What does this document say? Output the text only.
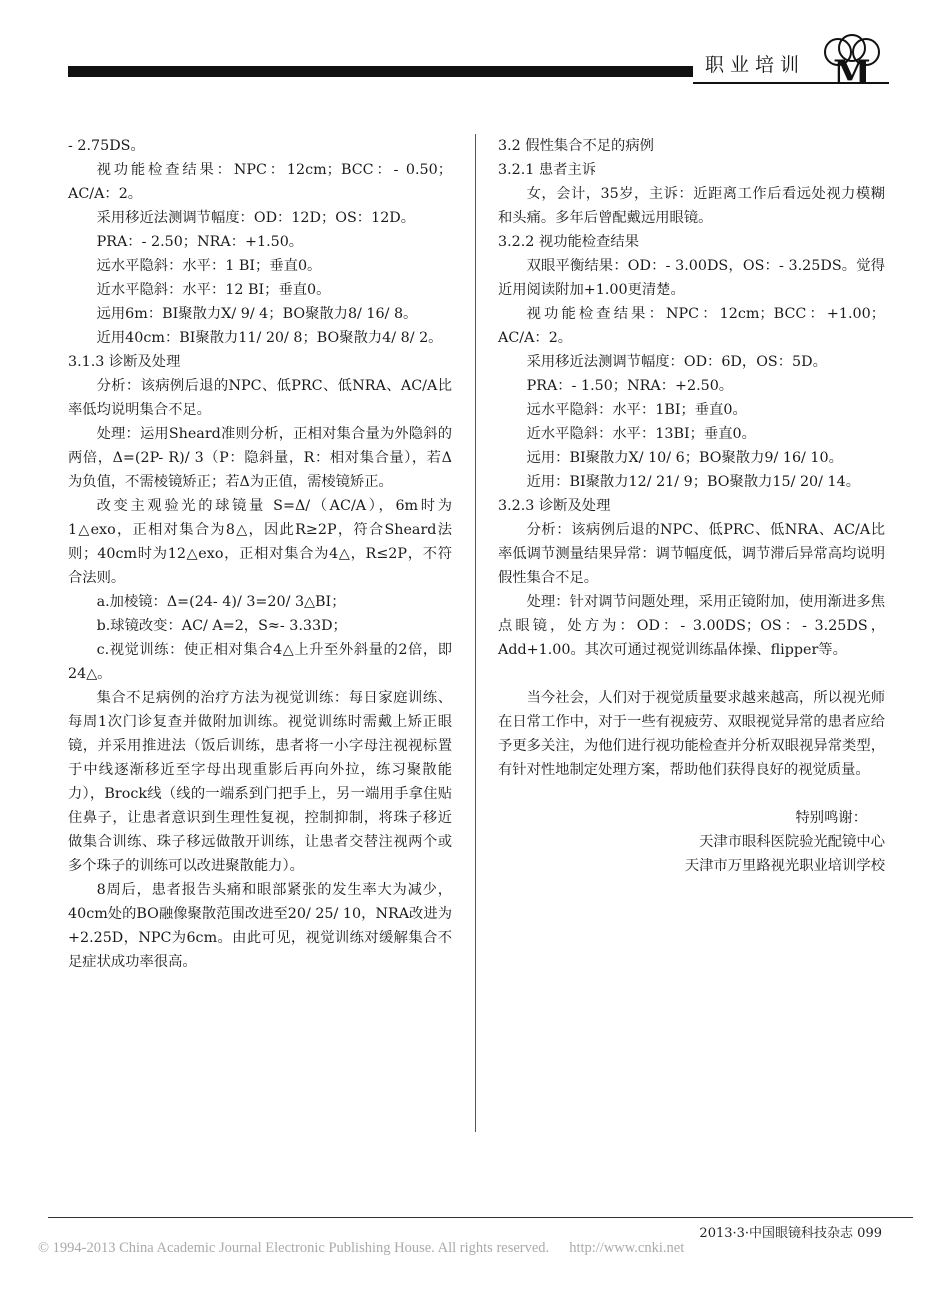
职业培训 M

- 2.75DS。

视功能检查结果：NPC：12cm；BCC：- 0.50；AC/A：2。

采用移近法测调节幅度：OD：12D；OS：12D。

PRA：- 2.50；NRA：+1.50。

远水平隐斜：水平：1 BI；垂直0。

近水平隐斜：水平：12 BI；垂直0。

远用6m：BI聚散力X/ 9/ 4；BO聚散力8/ 16/ 8。

近用40cm：BI聚散力11/ 20/ 8；BO聚散力4/ 8/ 2。

3.1.3 诊断及处理

分析：该病例后退的NPC、低PRC、低NRA、AC/A比率低均说明集合不足。

处理：运用Sheard准则分析，正相对集合量为外隐斜的两倍，Δ=(2P- R)/ 3（P：隐斜量，R：相对集合量），若Δ为负值，不需棱镜矫正；若Δ为正值，需棱镜矫正。

改变主观验光的球镜量 S=Δ/（AC/A），6m时为1△exo，正相对集合为8△，因此R≥2P，符合Sheard法则；40cm时为12△exo，正相对集合为4△，R≤2P，不符合法则。

a.加棱镜：Δ=(24- 4)/ 3=20/ 3△BI；

b.球镜改变：AC/ A=2，S≈- 3.33D；

c.视觉训练：使正相对集合4△上升至外斜量的2倍，即24△。

集合不足病例的治疗方法为视觉训练：每日家庭训练、每周1次门诊复查并做附加训练。视觉训练时需戴上矫正眼镜，并采用推进法（饭后训练，患者将一小字母注视视标置于中线逐渐移近至字母出现重影后再向外拉，练习聚散能力），Brock线（线的一端系到门把手上，另一端用手拿住贴住鼻子，让患者意识到生理性复视，控制抑制，将珠子移近做集合训练、珠子移远做散开训练，让患者交替注视两个或多个珠子的训练可以改进聚散能力）。

8周后，患者报告头痛和眼部紧张的发生率大为减少，40cm处的BO融像聚散范围改进至20/ 25/ 10，NRA改进为+2.25D，NPC为6cm。由此可见，视觉训练对缓解集合不足症状成功率很高。

3.2 假性集合不足的病例

3.2.1 患者主诉

女，会计，35岁，主诉：近距离工作后看远处视力模糊和头痛。多年后曾配戴远用眼镜。

3.2.2 视功能检查结果

双眼平衡结果：OD：- 3.00DS，OS：- 3.25DS。觉得近用阅读附加+1.00更清楚。

视功能检查结果：NPC：12cm；BCC：+1.00；AC/A：2。

采用移近法测调节幅度：OD：6D，OS：5D。

PRA：- 1.50；NRA：+2.50。

远水平隐斜：水平：1BI；垂直0。

近水平隐斜：水平：13BI；垂直0。

远用：BI聚散力X/ 10/ 6；BO聚散力9/ 16/ 10。

近用：BI聚散力12/ 21/ 9；BO聚散力15/ 20/ 14。

3.2.3 诊断及处理

分析：该病例后退的NPC、低PRC、低NRA、AC/A比率低调节测量结果异常：调节幅度低，调节滞后异常高均说明假性集合不足。

处理：针对调节问题处理，采用正镜附加，使用渐进多焦点眼镜，处方为：OD：- 3.00DS；OS：- 3.25DS，Add+1.00。其次可通过视觉训练晶体操、flipper等。

当今社会，人们对于视觉质量要求越来越高，所以视光师在日常工作中，对于一些有视疲劳、双眼视觉异常的患者应给予更多关注，为他们进行视功能检查并分析双眼视异常类型，有针对性地制定处理方案，帮助他们获得良好的视觉质量。

特别鸣谢：

天津市眼科医院验光配镜中心

天津市万里路视光职业培训学校

2013·3·中国眼镜科技杂志 099
© 1994-2013 China Academic Journal Electronic Publishing House. All rights reserved. http://www.cnki.net
